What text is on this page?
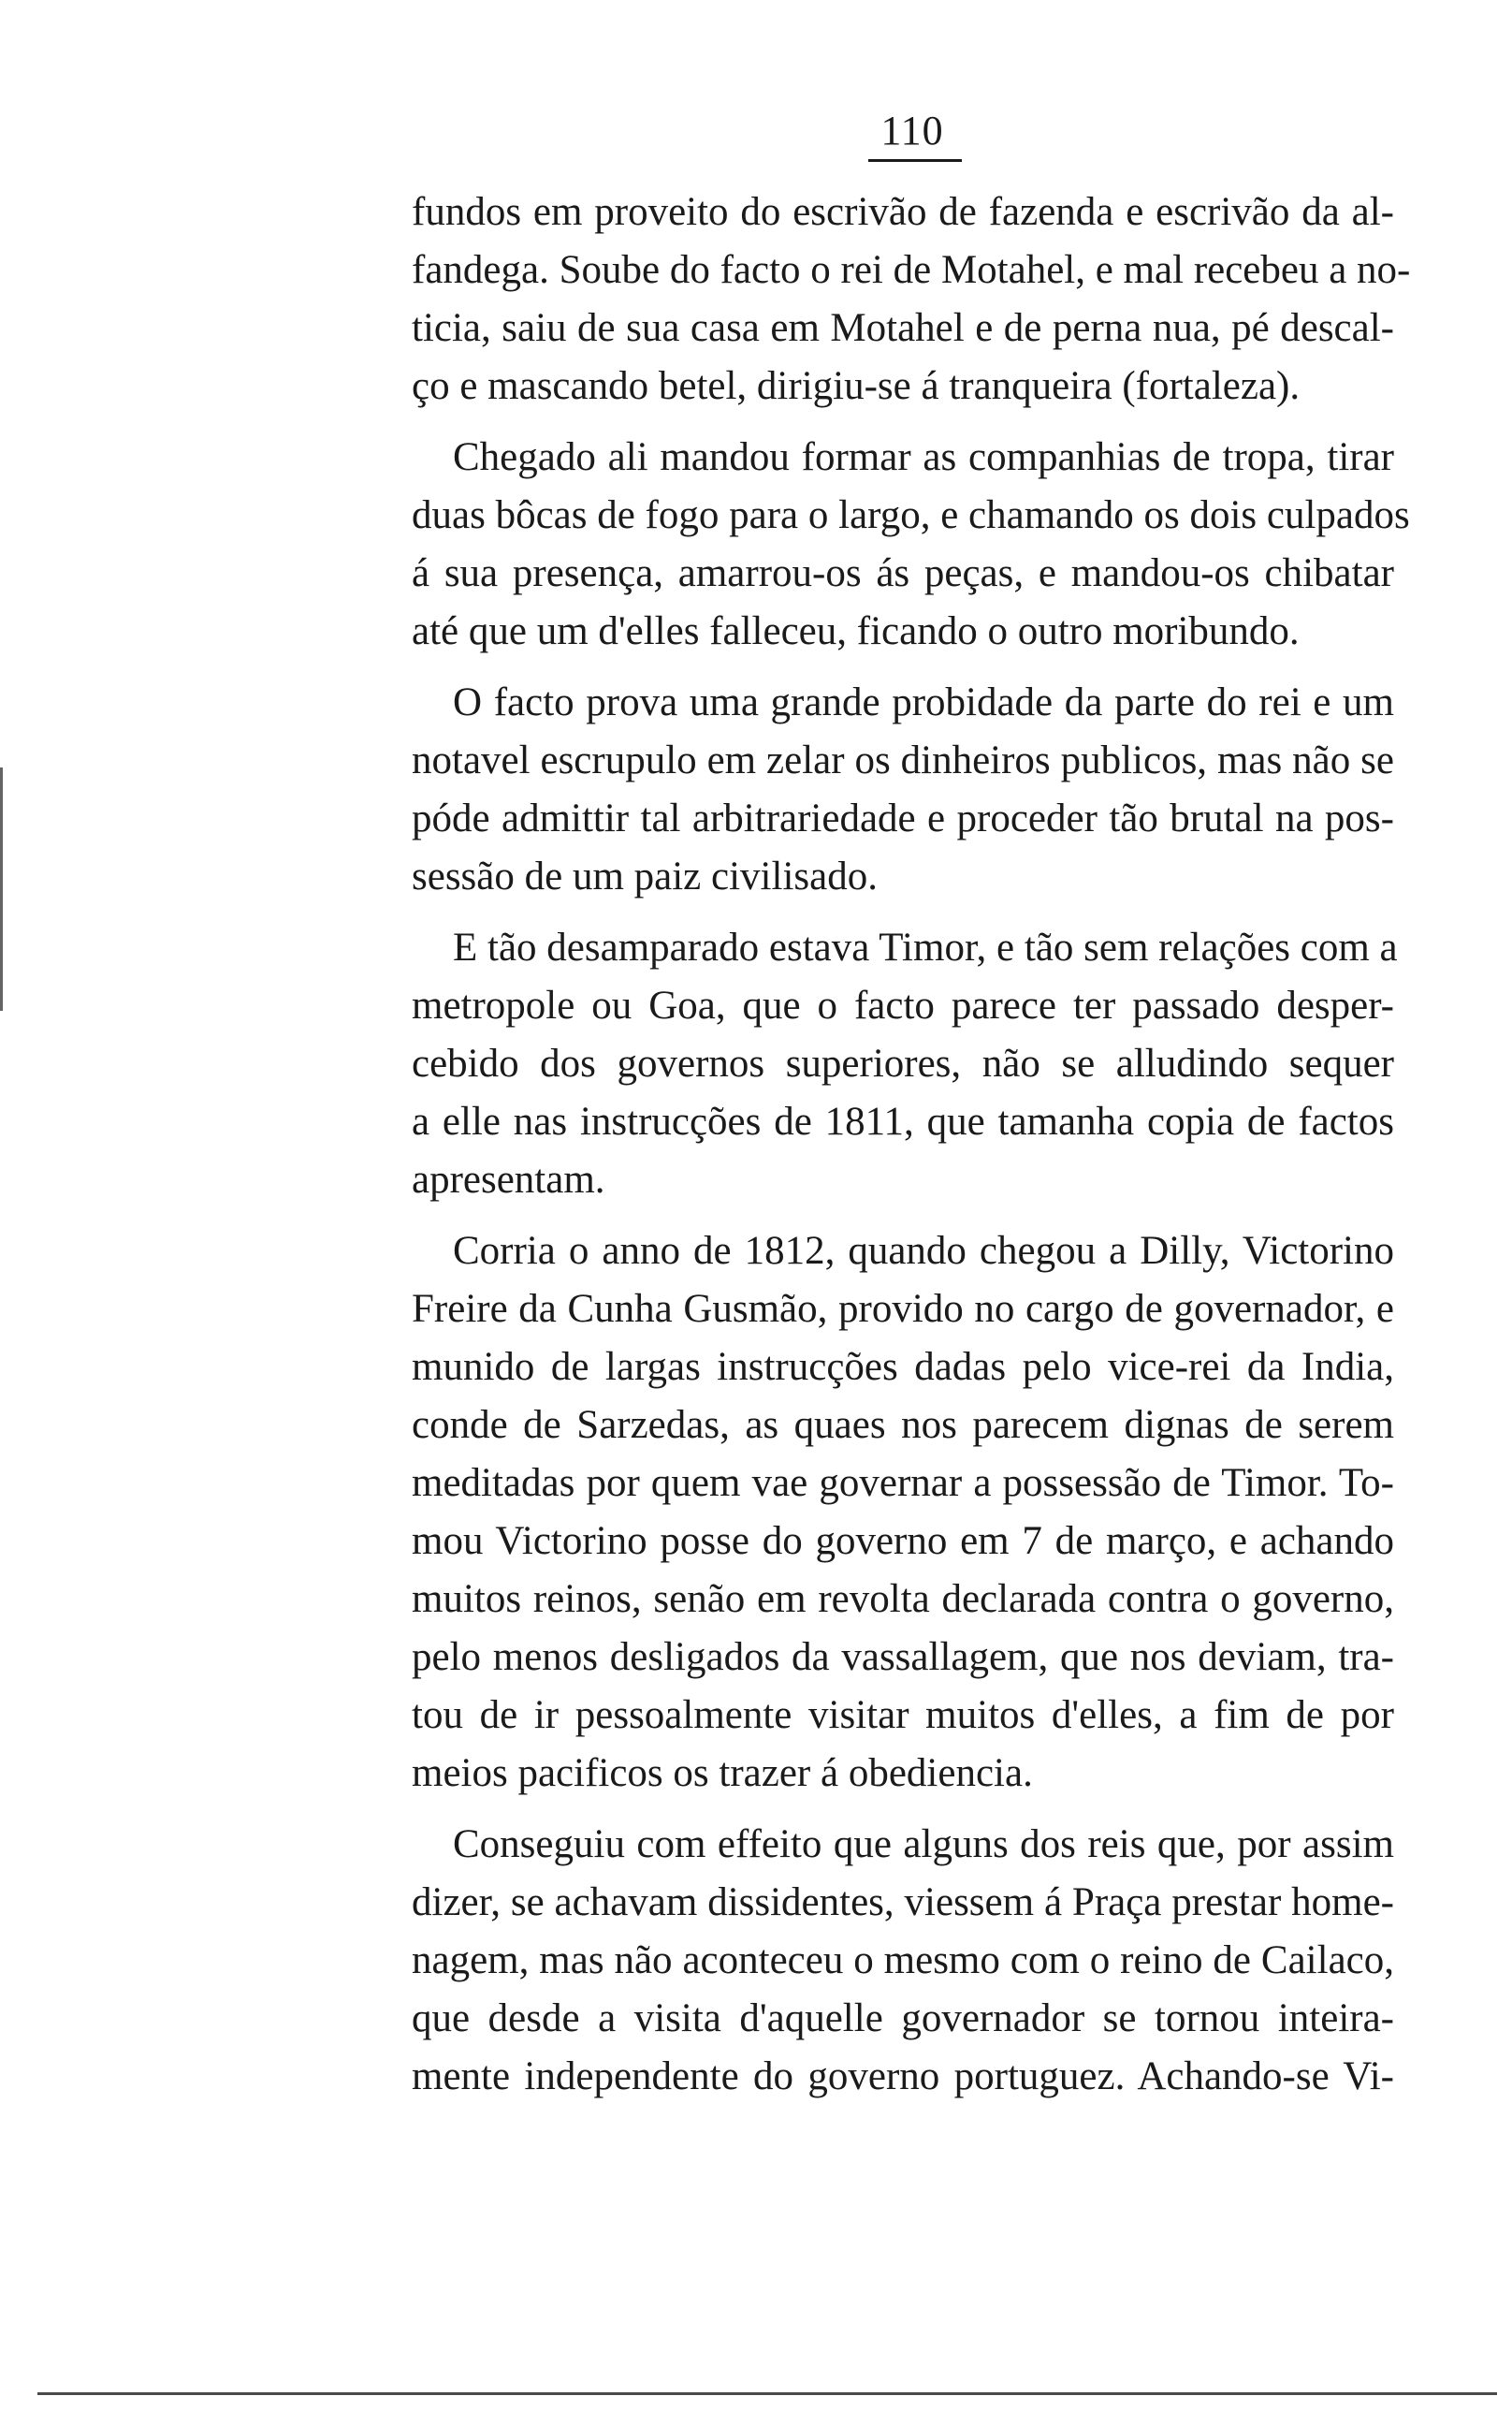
110
fundos em proveito do escrivão de fazenda e escrivão da al-
fandega. Soube do facto o rei de Motahel, e mal recebeu a no-
ticia, saiu de sua casa em Motahel e de perna nua, pé descal-
ço e mascando betel, dirigiu-se á tranqueira (fortaleza).
Chegado ali mandou formar as companhias de tropa, tirar
duas bôcas de fogo para o largo, e chamando os dois culpados
á sua presença, amarrou-os ás peças, e mandou-os chibatar
até que um d'elles falleceu, ficando o outro moribundo.
O facto prova uma grande probidade da parte do rei e um
notavel escrupulo em zelar os dinheiros publicos, mas não se
póde admittir tal arbitrariedade e proceder tão brutal na pos-
sessão de um paiz civilisado.
E tão desamparado estava Timor, e tão sem relações com a
metropole ou Goa, que o facto parece ter passado desper-
cebido dos governos superiores, não se alludindo sequer
a elle nas instrucções de 1811, que tamanha copia de factos
apresentam.
Corria o anno de 1812, quando chegou a Dilly, Victorino
Freire da Cunha Gusmão, provido no cargo de governador, e
munido de largas instrucções dadas pelo vice-rei da India,
conde de Sarzedas, as quaes nos parecem dignas de serem
meditadas por quem vae governar a possessão de Timor. To-
mou Victorino posse do governo em 7 de março, e achando
muitos reinos, senão em revolta declarada contra o governo,
pelo menos desligados da vassallagem, que nos deviam, tra-
tou de ir pessoalmente visitar muitos d'elles, a fim de por
meios pacificos os trazer á obediencia.
Conseguiu com effeito que alguns dos reis que, por assim
dizer, se achavam dissidentes, viessem á Praça prestar home-
nagem, mas não aconteceu o mesmo com o reino de Cailaco,
que desde a visita d'aquelle governador se tornou inteira-
mente independente do governo portuguez. Achando-se Vi-
